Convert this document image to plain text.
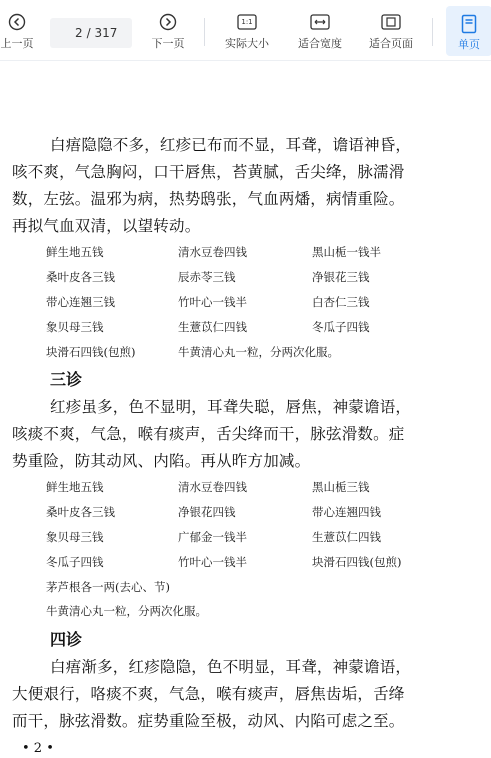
上一页
2
/ 317
下一页
1:1
实际大小	适合宽度 适合页面	单页
白痦隐隐不多，红疹已布而不显，耳聋，谵语神昏，
咳不爽，气急胸闷，口干唇焦，苔黄腻，舌尖绛，脉濡滑
数，左弦。温邪为病，热势鸱张，气血两燔，病情重险。
再拟气血双清，以望转动。
鲜生地五钱	清水豆卷四钱	黑山栀一钱半
桑叶皮各三钱	辰赤苓三钱	净银花三钱
带心连翘三钱	竹叶心一钱半	白杏仁三钱
象贝母三钱	生薏苡仁四钱	冬瓜子四钱
块滑石四钱(包煎)	牛黄清心丸一粒，分两次化服。
三诊
红疹虽多，色不显明，耳聋失聪，唇焦，神蒙谵语，
咳痰不爽，气急，喉有痰声，舌尖绛而干，脉弦滑数。症
势重险，防其动风、内陷。再从昨方加减。
鲜生地五钱	清水豆卷四钱	黑山栀三钱
桑叶皮各三钱	净银花四钱	带心连翘四钱
象贝母三钱	广郁金一钱半	生薏苡仁四钱
冬瓜子四钱	竹叶心一钱半	块滑石四钱(包煎)
茅芦根各一两(去心、节)
牛黄清心丸一粒，分两次化服。
四诊
白痦渐多，红疹隐隐，色不明显，耳聋，神蒙谵语，
大便艰行，咯痰不爽，气急，喉有痰声，唇焦齿垢，舌绛
而干，脉弦滑数。症势重险至极，动风、内陷可虑之至。
• 2 •
